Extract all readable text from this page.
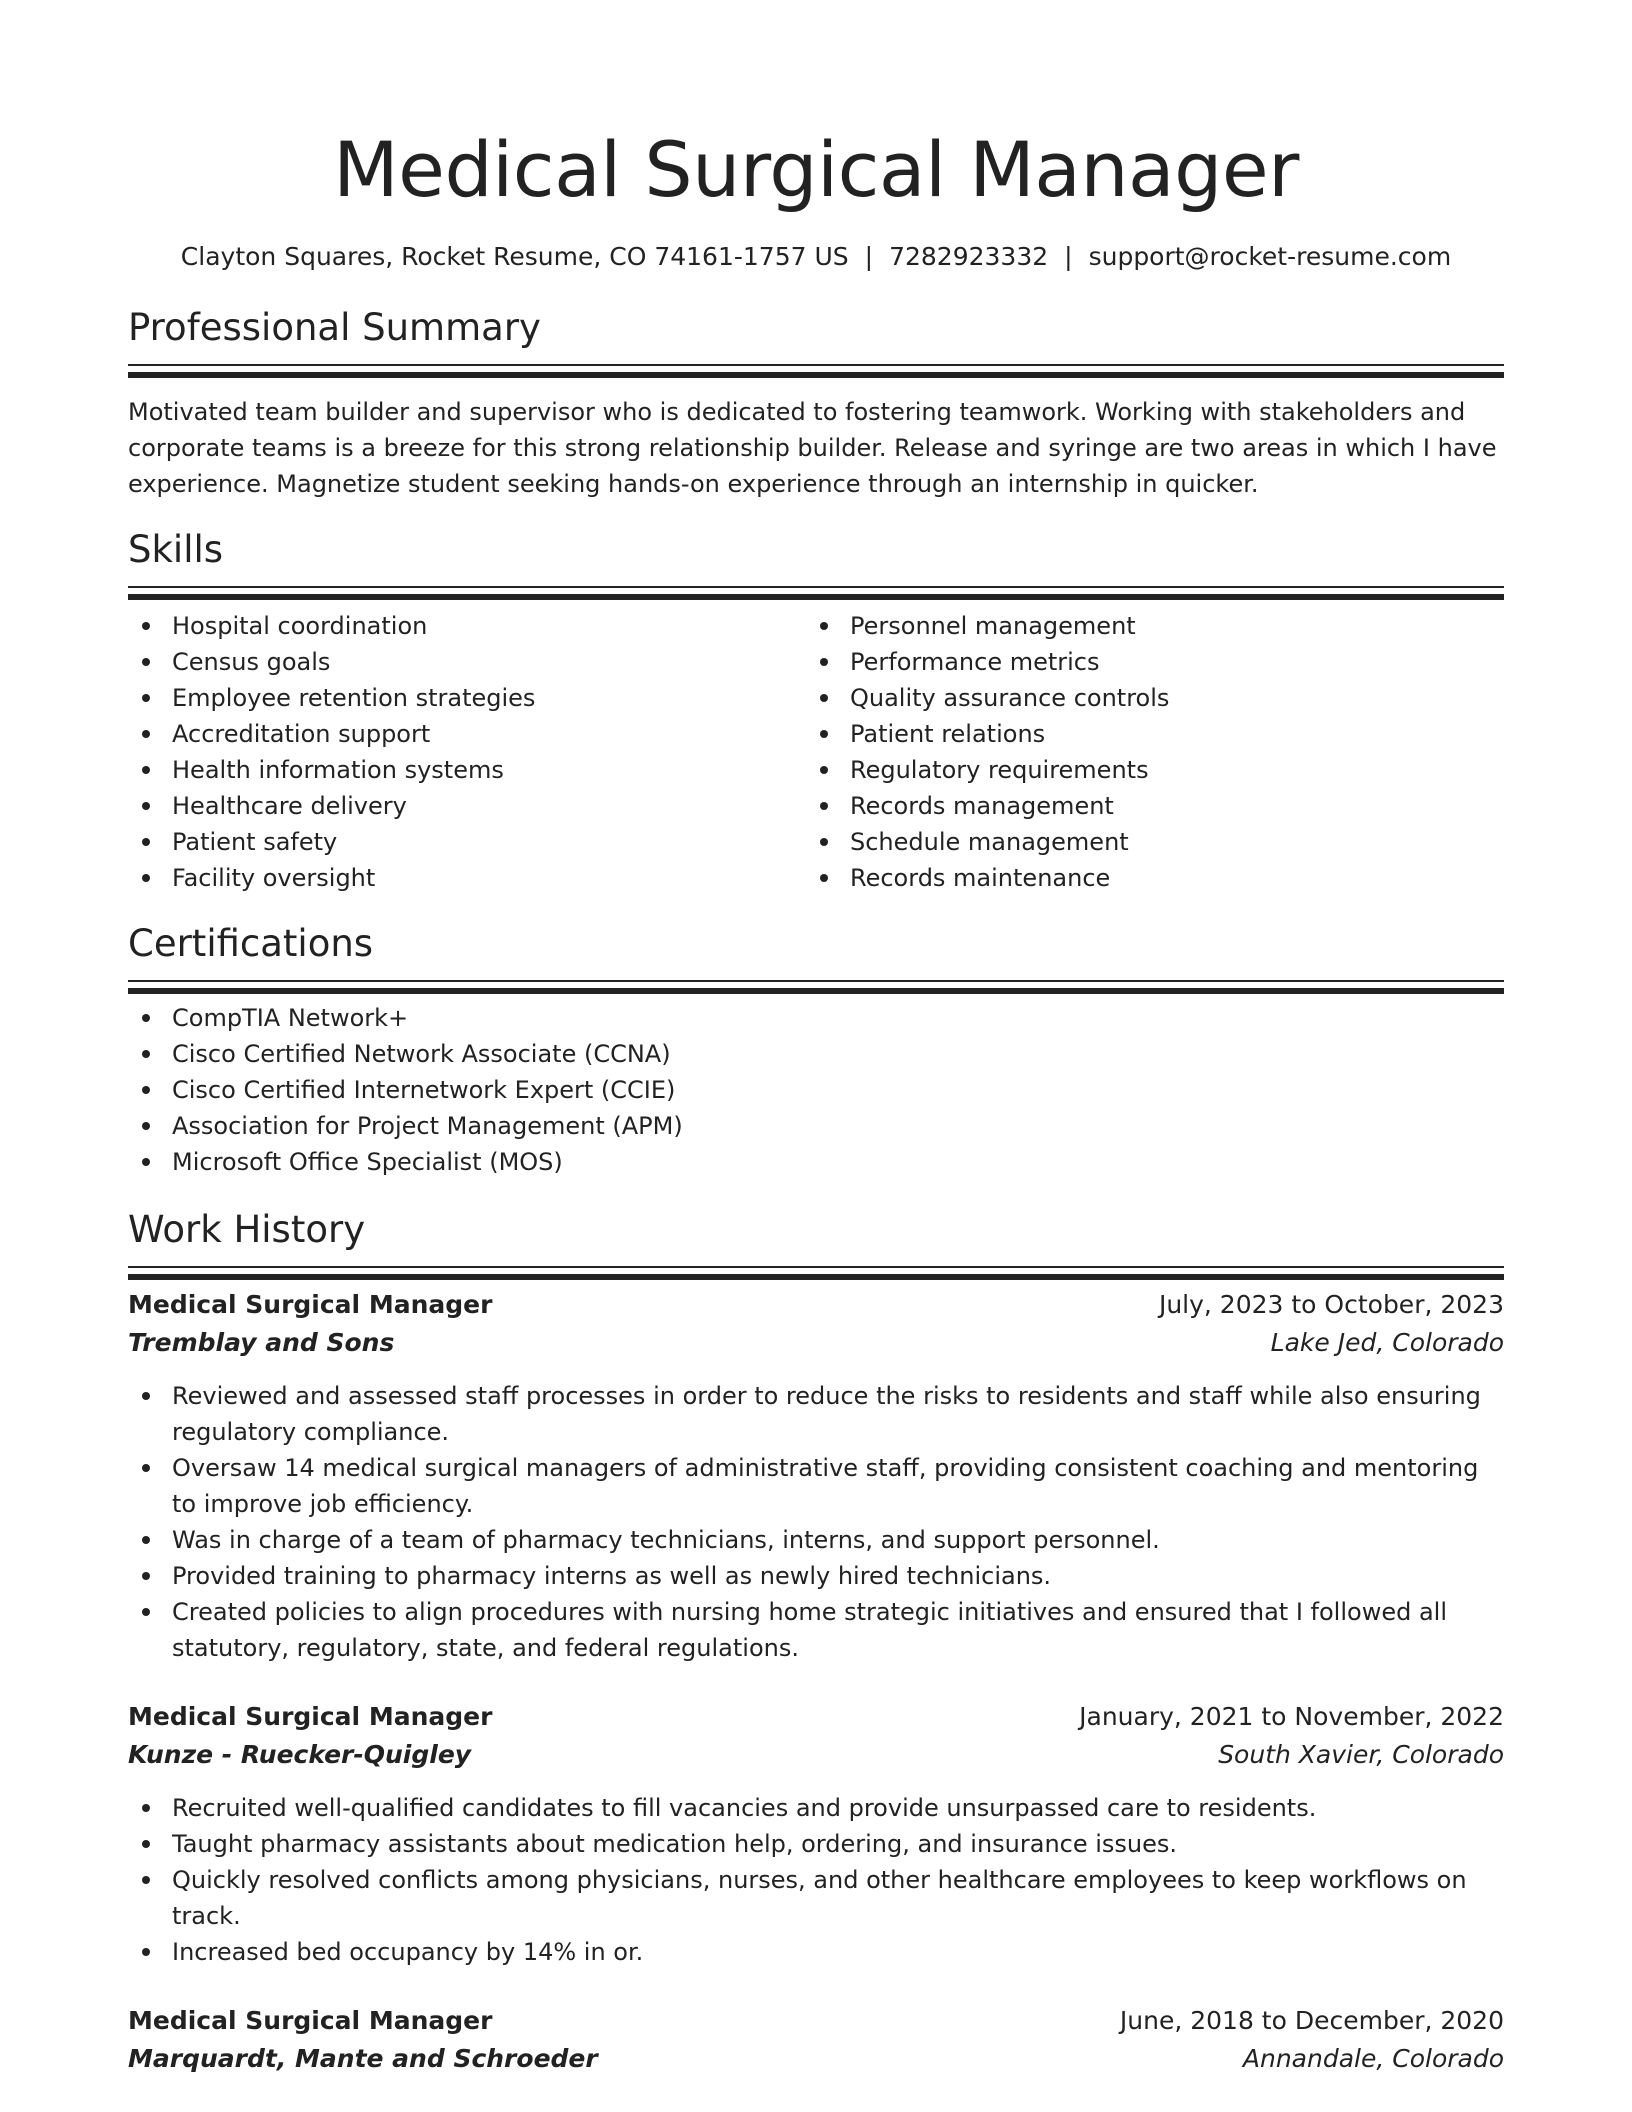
Medical Surgical Manager
Clayton Squares, Rocket Resume, CO 74161-1757 US | 7282923332 | support@rocket-resume.com
Professional Summary

Motivated team builder and supervisor who is dedicated to fostering teamwork. Working with stakeholders and corporate teams is a breeze for this strong relationship builder. Release and syringe are two areas in which I have experience. Magnetize student seeking hands-on experience through an internship in quicker.

Skills
Hospital coordination
Census goals
Employee retention strategies
Accreditation support
Health information systems
Healthcare delivery
Patient safety
Facility oversight
Personnel management
Performance metrics
Quality assurance controls
Patient relations
Regulatory requirements
Records management
Schedule management
Records maintenance
Certifications
CompTIA Network+
Cisco Certified Network Associate (CCNA)
Cisco Certified Internetwork Expert (CCIE)
Association for Project Management (APM)
Microsoft Office Specialist (MOS)
Work History
Medical Surgical Manager	July, 2023 to October, 2023
Tremblay and Sons	Lake Jed, Colorado
Reviewed and assessed staff processes in order to reduce the risks to residents and staff while also ensuring regulatory compliance.
Oversaw 14 medical surgical managers of administrative staff, providing consistent coaching and mentoring to improve job efficiency.
Was in charge of a team of pharmacy technicians, interns, and support personnel.
Provided training to pharmacy interns as well as newly hired technicians.
Created policies to align procedures with nursing home strategic initiatives and ensured that I followed all statutory, regulatory, state, and federal regulations.
Medical Surgical Manager	January, 2021 to November, 2022
Kunze - Ruecker-Quigley	South Xavier, Colorado
Recruited well-qualified candidates to fill vacancies and provide unsurpassed care to residents.
Taught pharmacy assistants about medication help, ordering, and insurance issues.
Quickly resolved conflicts among physicians, nurses, and other healthcare employees to keep workflows on track.
Increased bed occupancy by 14% in or.
Medical Surgical Manager	June, 2018 to December, 2020
Marquardt, Mante and Schroeder	Annandale, Colorado
